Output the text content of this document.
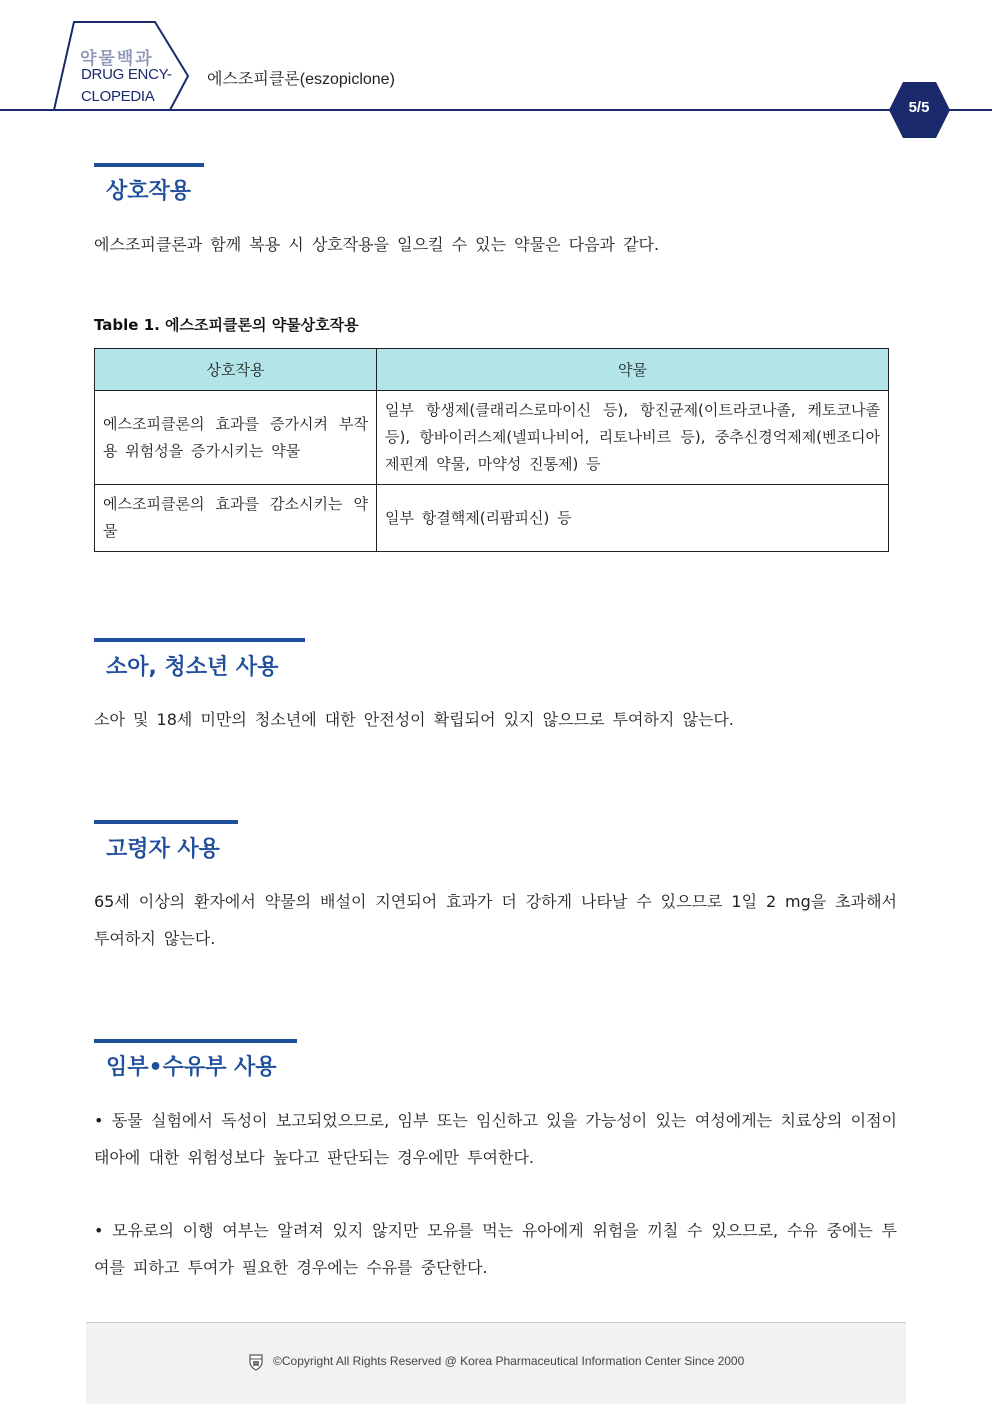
약물백과
DRUG ENCY-
CLOPEDIA
에스조피클론(eszopiclone)
5/5
상호작용
에스조피클론과 함께 복용 시 상호작용을 일으킬 수 있는 약물은 다음과 같다.
Table 1. 에스조피클론의 약물상호작용
상호작용	약물
에스조피클론의 효과를 증가시켜 부작용 위험성을 증가시키는 약물	일부 항생제(클래리스로마이신 등), 항진균제(이트라코나졸, 케토코나졸 등), 항바이러스제(넬피나비어, 리토나비르 등), 중추신경억제제(벤조디아제핀계 약물, 마약성 진통제) 등
에스조피클론의 효과를 감소시키는 약물	일부 항결핵제(리팜피신) 등
소아, 청소년 사용
소아 및 18세 미만의 청소년에 대한 안전성이 확립되어 있지 않으므로 투여하지 않는다.
고령자 사용
65세 이상의 환자에서 약물의 배설이 지연되어 효과가 더 강하게 나타날 수 있으므로 1일 2 mg을 초과해서 투여하지 않는다.
임부•수유부 사용
• 동물 실험에서 독성이 보고되었으므로, 임부 또는 임신하고 있을 가능성이 있는 여성에게는 치료상의 이점이 태아에 대한 위험성보다 높다고 판단되는 경우에만 투여한다.
• 모유로의 이행 여부는 알려져 있지 않지만 모유를 먹는 유아에게 위험을 끼칠 수 있으므로, 수유 중에는 투여를 피하고 투여가 필요한 경우에는 수유를 중단한다.
©Copyright All Rights Reserved @ Korea Pharmaceutical Information Center Since 2000
